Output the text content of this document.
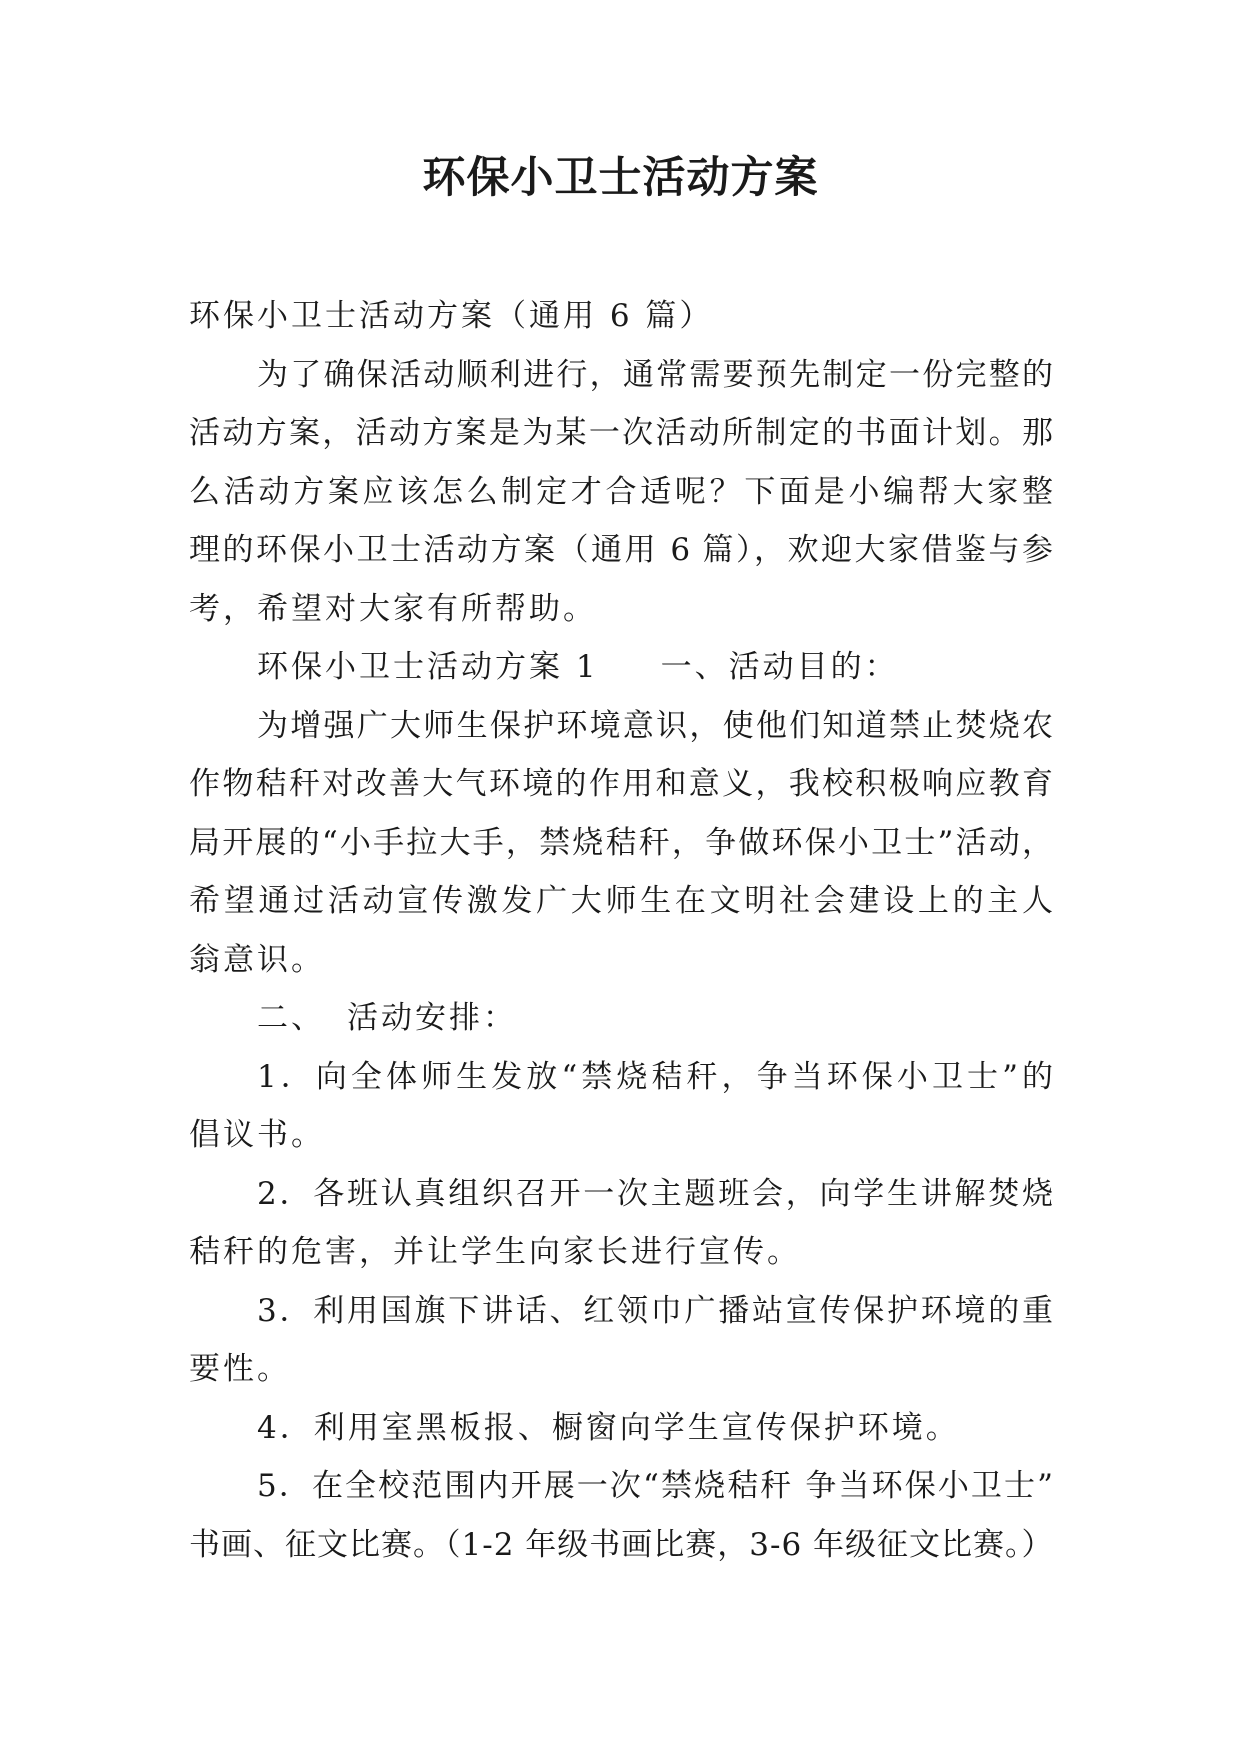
环保小卫士活动方案
环保小卫士活动方案（通用 6 篇）
为了确保活动顺利进行，通常需要预先制定一份完整的
活动方案，活动方案是为某一次活动所制定的书面计划。那
么活动方案应该怎么制定才合适呢？下面是小编帮大家整
理的环保小卫士活动方案（通用 6 篇），欢迎大家借鉴与参
考，希望对大家有所帮助。
环保小卫士活动方案 1 一、活动目的：
为增强广大师生保护环境意识，使他们知道禁止焚烧农
作物秸秆对改善大气环境的作用和意义，我校积极响应教育
局开展的“小手拉大手，禁烧秸秆，争做环保小卫士”活动，
希望通过活动宣传激发广大师生在文明社会建设上的主人
翁意识。
二、 活动安排：
1．向全体师生发放“禁烧秸秆，争当环保小卫士”的
倡议书。
2．各班认真组织召开一次主题班会，向学生讲解焚烧
秸秆的危害，并让学生向家长进行宣传。
3．利用国旗下讲话、红领巾广播站宣传保护环境的重
要性。
4．利用室黑板报、橱窗向学生宣传保护环境。
5．在全校范围内开展一次“禁烧秸秆 争当环保小卫士”
书画、征文比赛。（1-2 年级书画比赛，3-6 年级征文比赛。）
